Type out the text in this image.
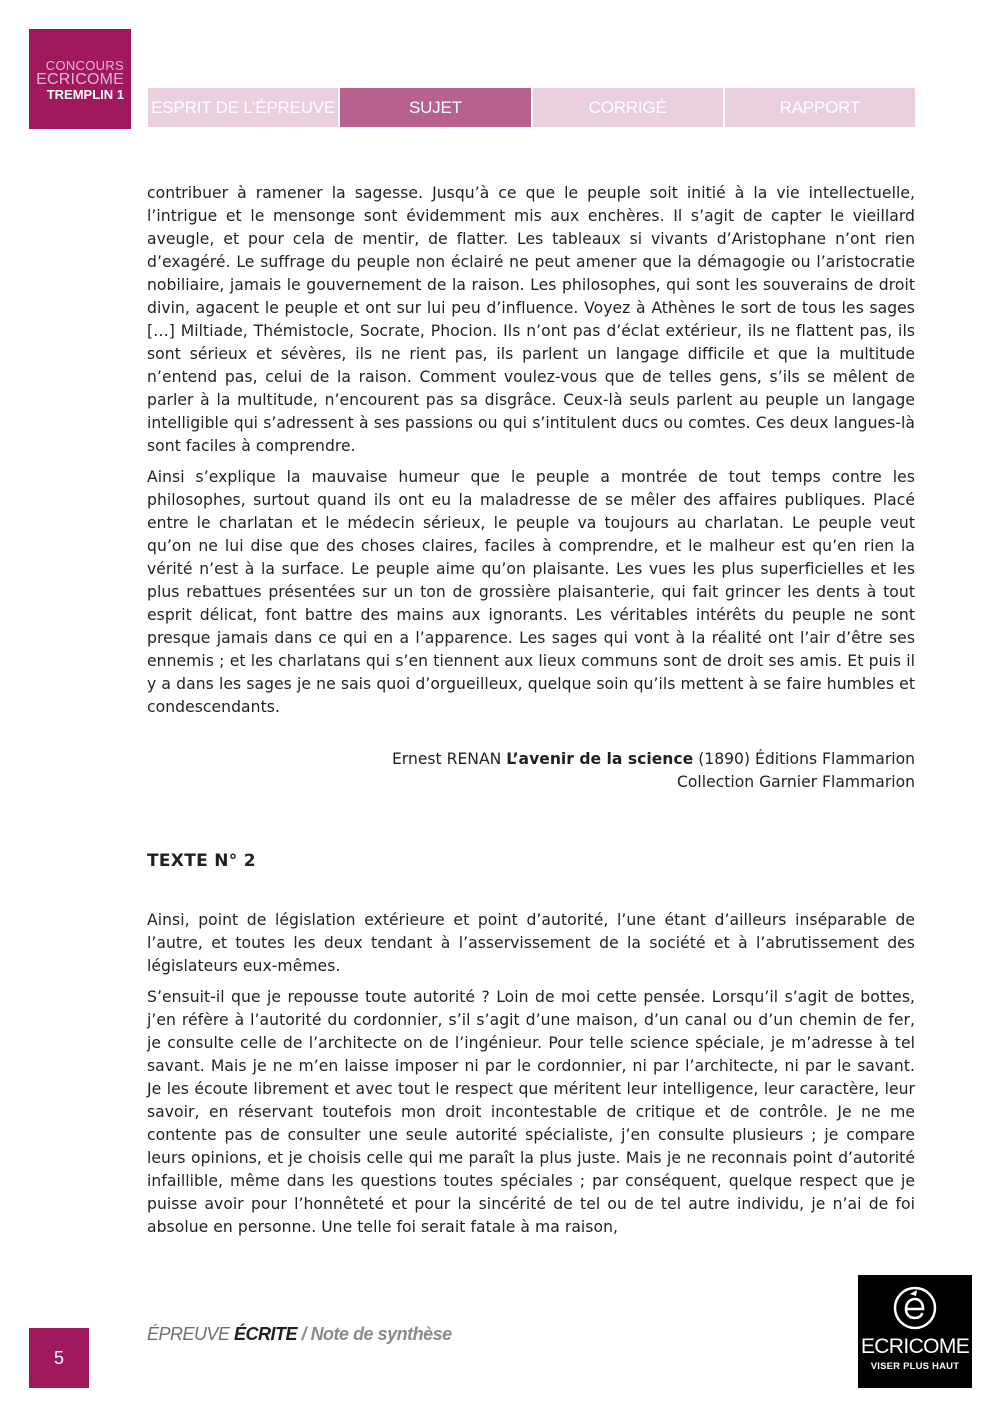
CONCOURS
ECRICOME
TREMPLIN 1
ESPRIT DE L’ÉPREUVE	SUJET	CORRIGÉ	RAPPORT

contribuer à ramener la sagesse. Jusqu’à ce que le peuple soit initié à la vie intellectuelle, l’intrigue et le mensonge sont évidemment mis aux enchères. Il s’agit de capter le vieillard aveugle, et pour cela de mentir, de flatter. Les tableaux si vivants d’Aristophane n’ont rien d’exagéré. Le suffrage du peuple non éclairé ne peut amener que la démagogie ou l’aristocratie nobiliaire, jamais le gouvernement de la raison. Les philosophes, qui sont les souverains de droit divin, agacent le peuple et ont sur lui peu d’influence. Voyez à Athènes le sort de tous les sages […] Miltiade, Thémistocle, Socrate, Phocion. Ils n’ont pas d’éclat extérieur, ils ne flattent pas, ils sont sérieux et sévères, ils ne rient pas, ils parlent un langage difficile et que la multitude n’entend pas, celui de la raison. Comment voulez-vous que de telles gens, s’ils se mêlent de parler à la multitude, n’encourent pas sa disgrâce. Ceux-là seuls parlent au peuple un langage intelligible qui s’adressent à ses passions ou qui s’intitulent ducs ou comtes. Ces deux langues-là sont faciles à comprendre.

Ainsi s’explique la mauvaise humeur que le peuple a montrée de tout temps contre les philosophes, surtout quand ils ont eu la maladresse de se mêler des affaires publiques. Placé entre le charlatan et le médecin sérieux, le peuple va toujours au charlatan. Le peuple veut qu’on ne lui dise que des choses claires, faciles à comprendre, et le malheur est qu’en rien la vérité n’est à la surface. Le peuple aime qu’on plaisante. Les vues les plus superficielles et les plus rebattues présentées sur un ton de grossière plaisanterie, qui fait grincer les dents à tout esprit délicat, font battre des mains aux ignorants. Les véritables intérêts du peuple ne sont presque jamais dans ce qui en a l’apparence. Les sages qui vont à la réalité ont l’air d’être ses ennemis ; et les charlatans qui s’en tiennent aux lieux communs sont de droit ses amis. Et puis il y a dans les sages je ne sais quoi d’orgueilleux, quelque soin qu’ils mettent à se faire humbles et condescendants.

Ernest RENAN L’avenir de la science (1890) Éditions Flammarion
Collection Garnier Flammarion
TEXTE N° 2

Ainsi, point de législation extérieure et point d’autorité, l’une étant d’ailleurs inséparable de l’autre, et toutes les deux tendant à l’asservissement de la société et à l’abrutissement des législateurs eux-mêmes.

S’ensuit-il que je repousse toute autorité ? Loin de moi cette pensée. Lorsqu’il s’agit de bottes, j’en réfère à l’autorité du cordonnier, s’il s’agit d’une maison, d’un canal ou d’un chemin de fer, je consulte celle de l’architecte on de l’ingénieur. Pour telle science spéciale, je m’adresse à tel savant. Mais je ne m’en laisse imposer ni par le cordonnier, ni par l’architecte, ni par le savant. Je les écoute librement et avec tout le respect que méritent leur intelligence, leur caractère, leur savoir, en réservant toutefois mon droit incontestable de critique et de contrôle. Je ne me contente pas de consulter une seule autorité spécialiste, j’en consulte plusieurs ; je compare leurs opinions, et je choisis celle qui me paraît la plus juste. Mais je ne reconnais point d’autorité infaillible, même dans les questions toutes spéciales ; par conséquent, quelque respect que je puisse avoir pour l’honnêteté et pour la sincérité de tel ou de tel autre individu, je n’ai de foi absolue en personne. Une telle foi serait fatale à ma raison,

5
ÉPREUVE ÉCRITE / Note de synthèse
ECRICOME
VISER PLUS HAUT
